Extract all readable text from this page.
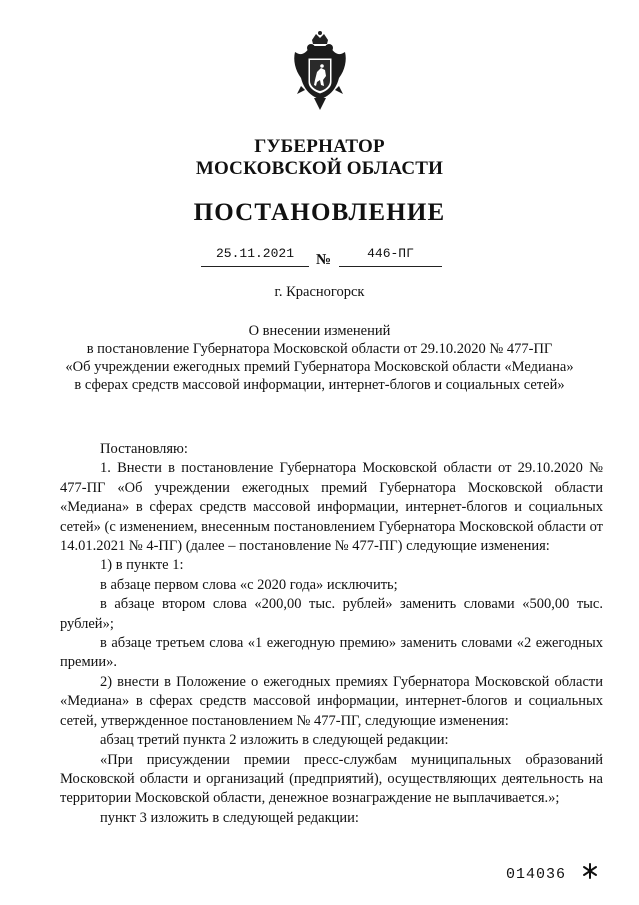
ГУБЕРНАТОР
МОСКОВСКОЙ ОБЛАСТИ
ПОСТАНОВЛЕНИЕ
25.11.2021	№	446-ПГ
г. Красногорск
О внесении изменений
в постановление Губернатора Московской области от 29.10.2020 № 477-ПГ
«Об учреждении ежегодных премий Губернатора Московской области «Медиана»
в сферах средств массовой информации, интернет-блогов и социальных сетей»

Постановляю:

1. Внести в постановление Губернатора Московской области от 29.10.2020 № 477-ПГ «Об учреждении ежегодных премий Губернатора Московской области «Медиана» в сферах средств массовой информации, интернет-блогов и социальных сетей» (с изменением, внесенным постановлением Губернатора Московской области от 14.01.2021 № 4-ПГ) (далее – постановление № 477-ПГ) следующие изменения:

1) в пункте 1:

в абзаце первом слова «с 2020 года» исключить;

в абзаце втором слова «200,00 тыс. рублей» заменить словами «500,00 тыс. рублей»;

в абзаце третьем слова «1 ежегодную премию» заменить словами «2 ежегодных премии».

2) внести в Положение о ежегодных премиях Губернатора Московской области «Медиана» в сферах средств массовой информации, интернет-блогов и социальных сетей, утвержденное постановлением № 477-ПГ, следующие изменения:

абзац третий пункта 2 изложить в следующей редакции:

«При присуждении премии пресс-службам муниципальных образований Московской области и организаций (предприятий), осуществляющих деятельность на территории Московской области, денежное вознаграждение не выплачивается.»;

пункт 3 изложить в следующей редакции:

014036
